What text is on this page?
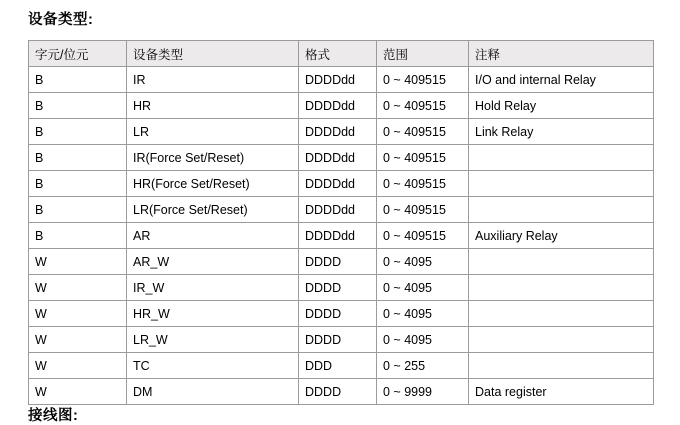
设备类型:
字元/位元	设备类型	格式	范围	注释
B	IR	DDDDdd	0 ~ 409515	I/O and internal Relay
B	HR	DDDDdd	0 ~ 409515	Hold Relay
B	LR	DDDDdd	0 ~ 409515	Link Relay
B	IR(Force Set/Reset)	DDDDdd	0 ~ 409515	
B	HR(Force Set/Reset)	DDDDdd	0 ~ 409515	
B	LR(Force Set/Reset)	DDDDdd	0 ~ 409515	
B	AR	DDDDdd	0 ~ 409515	Auxiliary Relay
W	AR_W	DDDD	0 ~ 4095	
W	IR_W	DDDD	0 ~ 4095	
W	HR_W	DDDD	0 ~ 4095	
W	LR_W	DDDD	0 ~ 4095	
W	TC	DDD	0 ~ 255	
W	DM	DDDD	0 ~ 9999	Data register
接线图:
